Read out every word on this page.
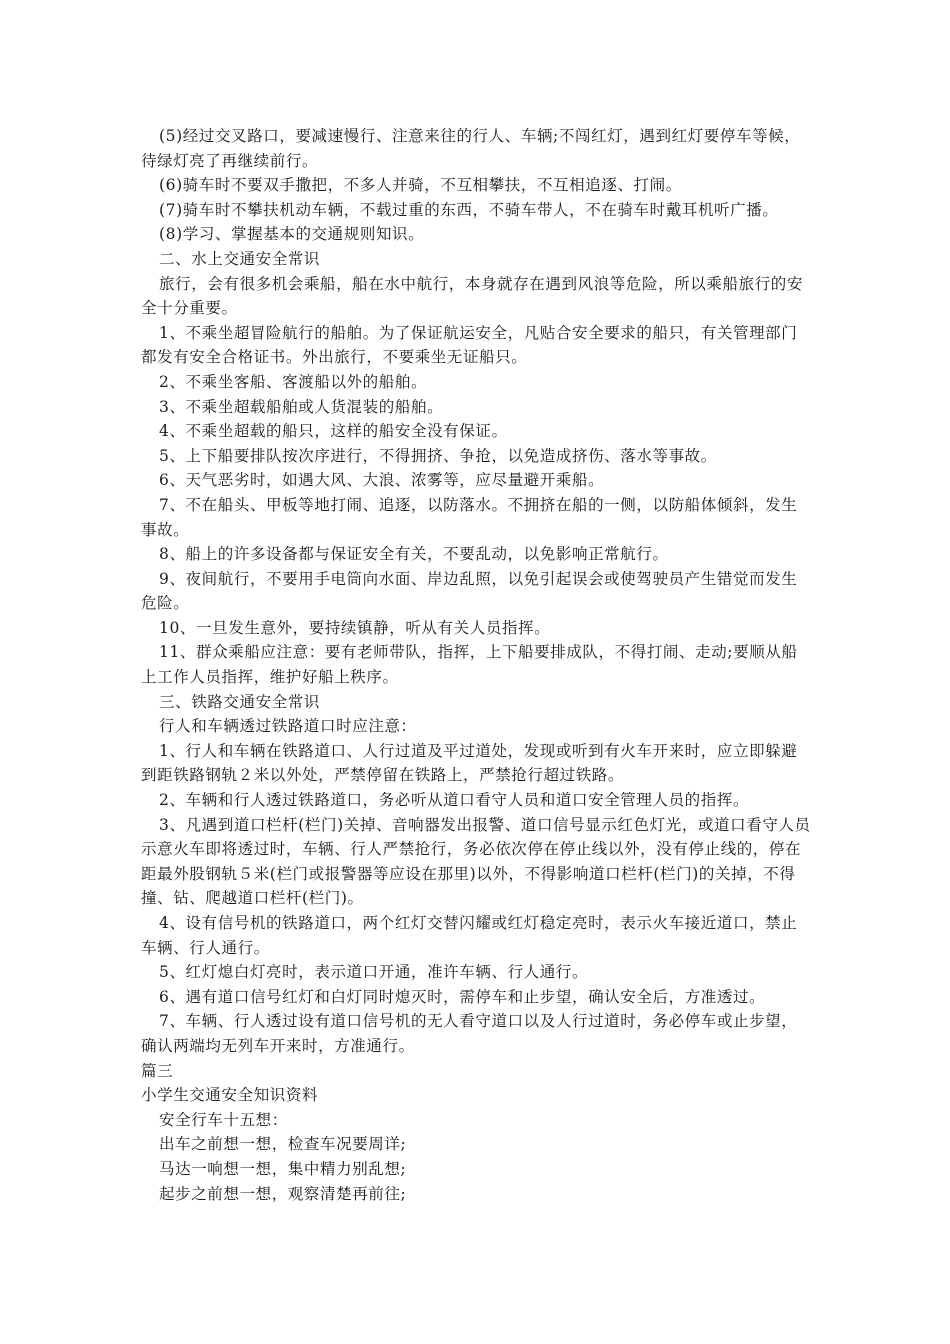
(5)经过交叉路口，要减速慢行、注意来往的行人、车辆;不闯红灯，遇到红灯要停车等候，待绿灯亮了再继续前行。

(6)骑车时不要双手撒把，不多人并骑，不互相攀扶，不互相追逐、打闹。

(7)骑车时不攀扶机动车辆，不载过重的东西，不骑车带人，不在骑车时戴耳机听广播。

(8)学习、掌握基本的交通规则知识。

二、水上交通安全常识

旅行，会有很多机会乘船，船在水中航行，本身就存在遇到风浪等危险，所以乘船旅行的安全十分重要。

1、不乘坐超冒险航行的船舶。为了保证航运安全，凡贴合安全要求的船只，有关管理部门都发有安全合格证书。外出旅行，不要乘坐无证船只。

2、不乘坐客船、客渡船以外的船舶。

3、不乘坐超载船舶或人货混装的船舶。

4、不乘坐超载的船只，这样的船安全没有保证。

5、上下船要排队按次序进行，不得拥挤、争抢，以免造成挤伤、落水等事故。

6、天气恶劣时，如遇大风、大浪、浓雾等，应尽量避开乘船。

7、不在船头、甲板等地打闹、追逐，以防落水。不拥挤在船的一侧，以防船体倾斜，发生事故。

8、船上的许多设备都与保证安全有关，不要乱动，以免影响正常航行。

9、夜间航行，不要用手电筒向水面、岸边乱照，以免引起误会或使驾驶员产生错觉而发生危险。

10、一旦发生意外，要持续镇静，听从有关人员指挥。

11、群众乘船应注意：要有老师带队，指挥，上下船要排成队，不得打闹、走动;要顺从船上工作人员指挥，维护好船上秩序。

三、铁路交通安全常识

行人和车辆透过铁路道口时应注意：

1、行人和车辆在铁路道口、人行过道及平过道处，发现或听到有火车开来时，应立即躲避到距铁路钢轨２米以外处，严禁停留在铁路上，严禁抢行超过铁路。

2、车辆和行人透过铁路道口，务必听从道口看守人员和道口安全管理人员的指挥。

3、凡遇到道口栏杆(栏门)关掉、音响器发出报警、道口信号显示红色灯光，或道口看守人员示意火车即将透过时，车辆、行人严禁抢行，务必依次停在停止线以外，没有停止线的，停在距最外股钢轨５米(栏门或报警器等应设在那里)以外，不得影响道口栏杆(栏门)的关掉，不得撞、钻、爬越道口栏杆(栏门)。

4、设有信号机的铁路道口，两个红灯交替闪耀或红灯稳定亮时，表示火车接近道口，禁止车辆、行人通行。

5、红灯熄白灯亮时，表示道口开通，准许车辆、行人通行。

6、遇有道口信号红灯和白灯同时熄灭时，需停车和止步望，确认安全后，方准透过。

7、车辆、行人透过设有道口信号机的无人看守道口以及人行过道时，务必停车或止步望，确认两端均无列车开来时，方准通行。

篇三

小学生交通安全知识资料

安全行车十五想：

出车之前想一想，检查车况要周详;

马达一响想一想，集中精力别乱想;

起步之前想一想，观察清楚再前往;
